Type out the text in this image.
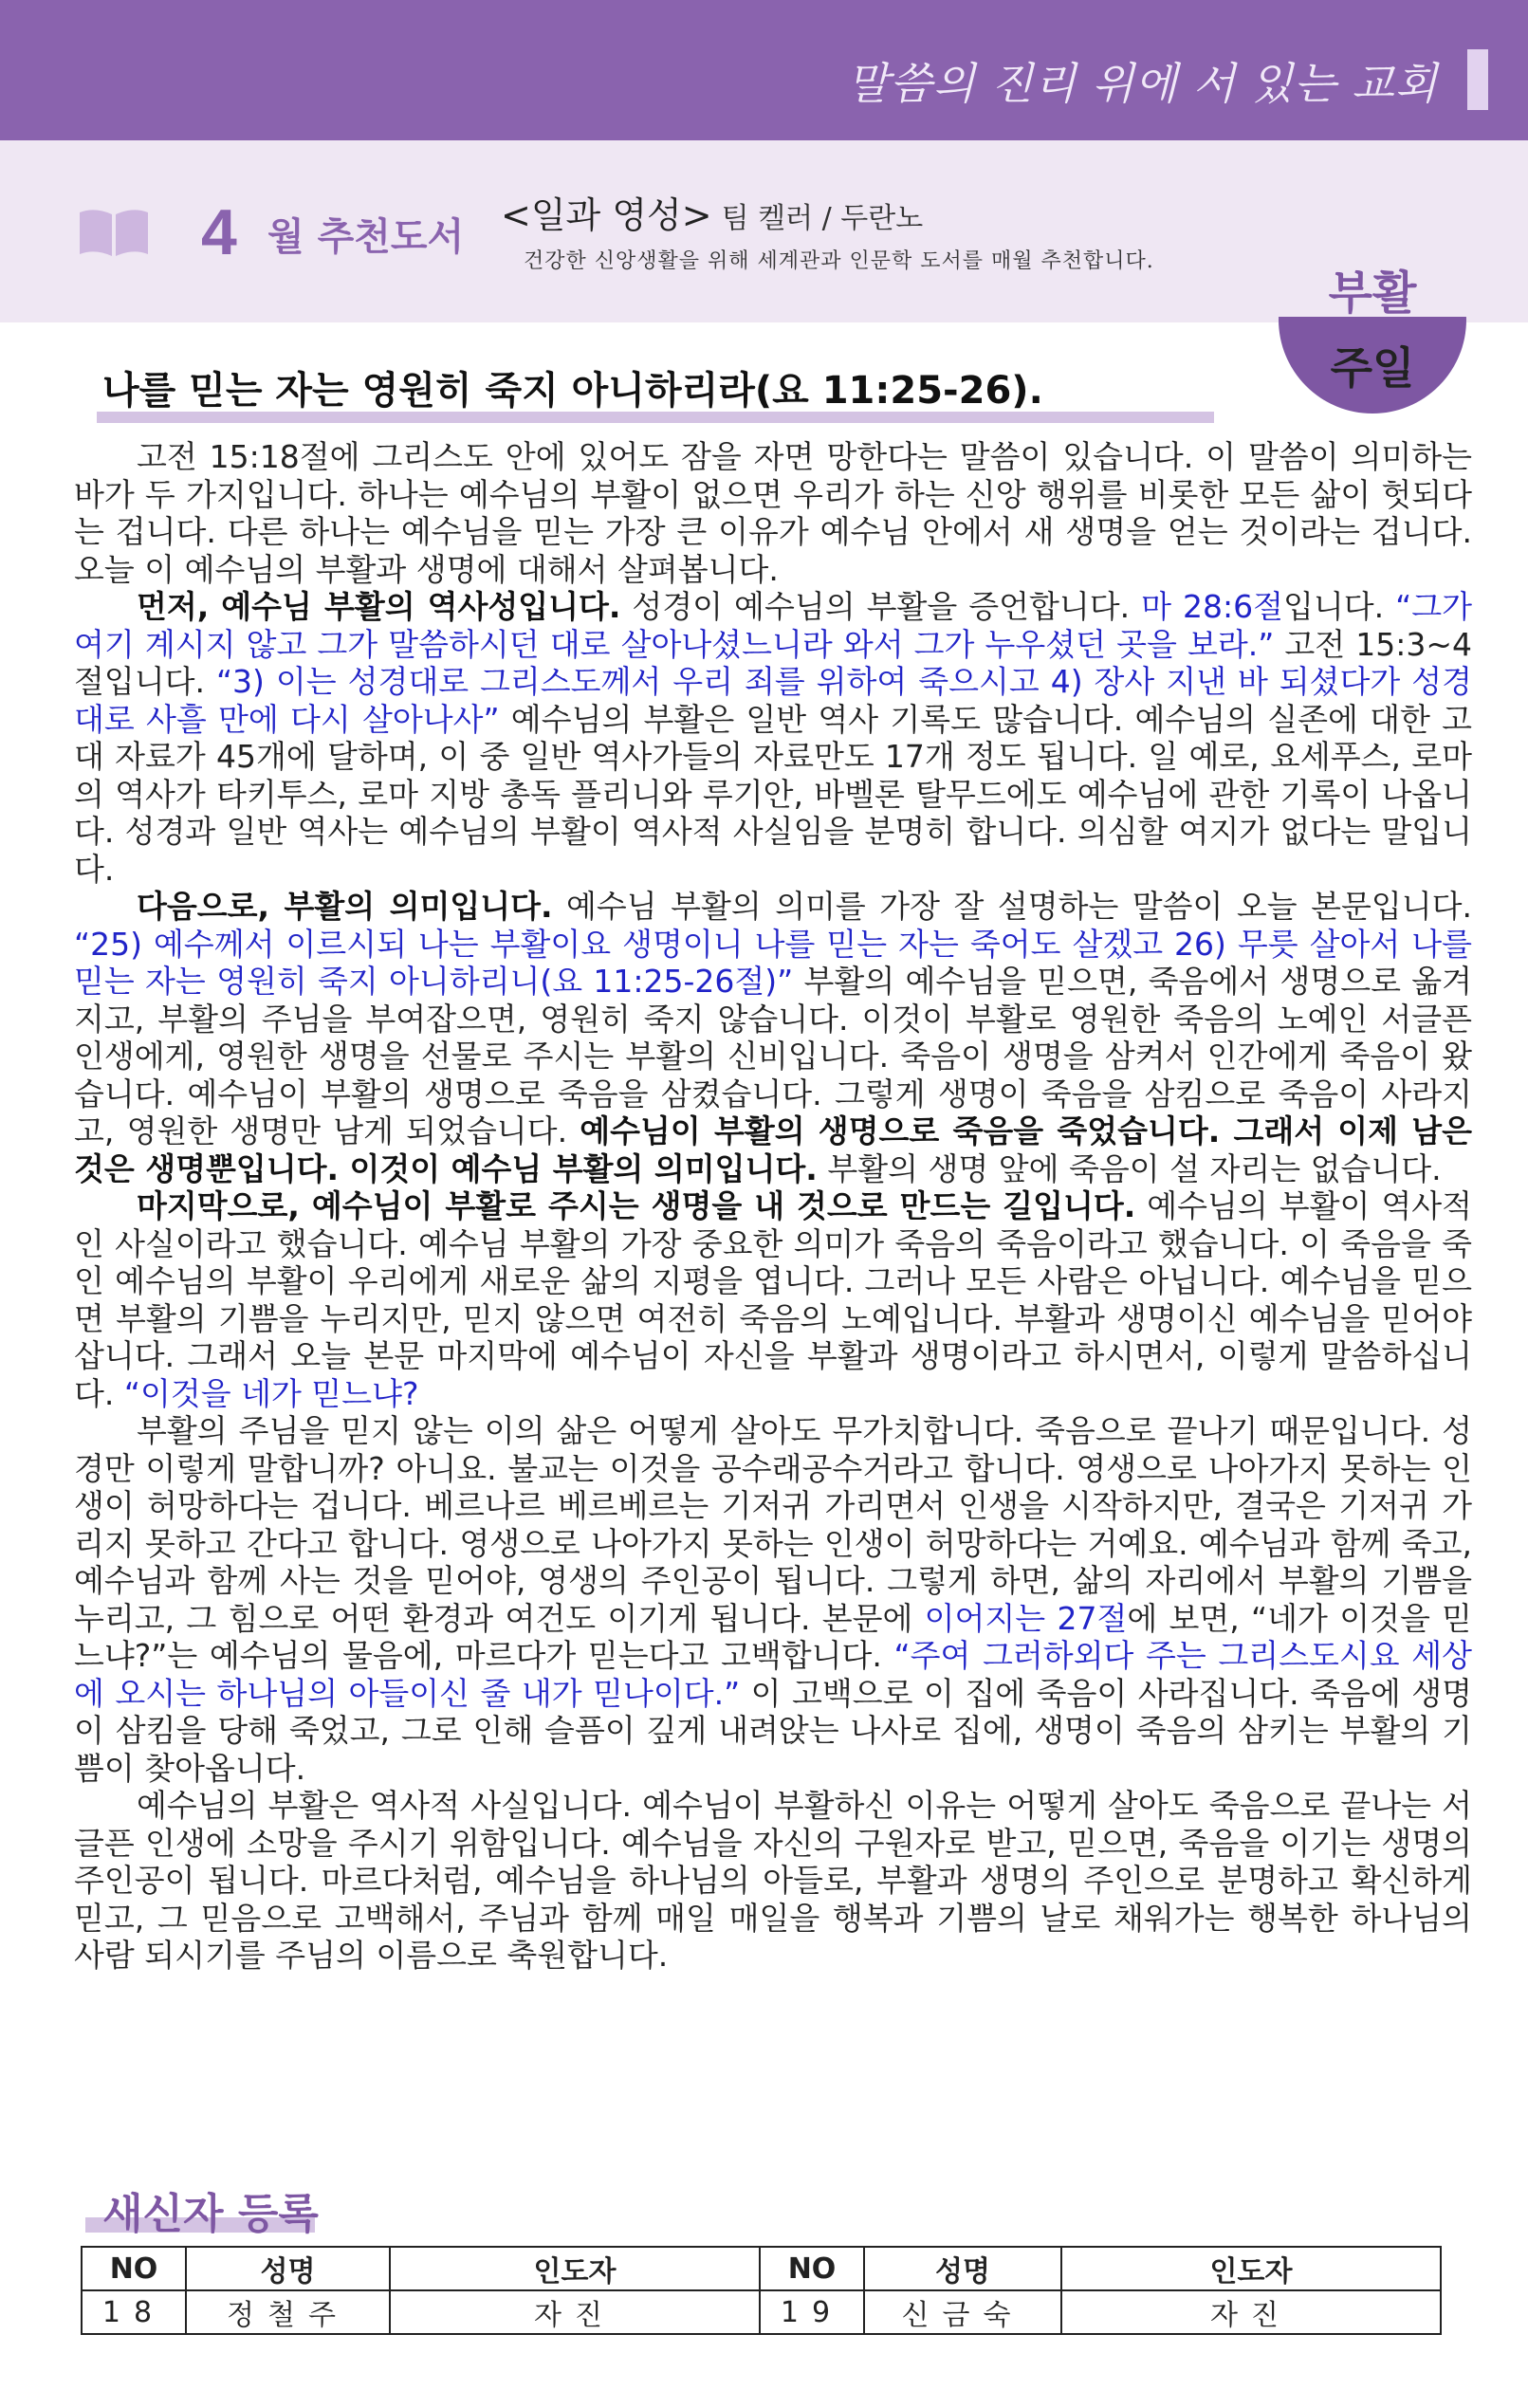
말씀의 진리 위에 서 있는 교회
4 월 추천도서 <일과 영성> 팀 켈러 / 두란노
건강한 신앙생활을 위해 세계관과 인문학 도서를 매월 추천합니다.
부활
주일
나를 믿는 자는 영원히 죽지 아니하리라(요 11:25-26).

고전 15:18절에 그리스도 안에 있어도 잠을 자면 망한다는 말씀이 있습니다. 이 말씀이 의미하는 바가 두 가지입니다. 하나는 예수님의 부활이 없으면 우리가 하는 신앙 행위를 비롯한 모든 삶이 헛되다는 겁니다. 다른 하나는 예수님을 믿는 가장 큰 이유가 예수님 안에서 새 생명을 얻는 것이라는 겁니다. 오늘 이 예수님의 부활과 생명에 대해서 살펴봅니다.

먼저, 예수님 부활의 역사성입니다. 성경이 예수님의 부활을 증언합니다. 마 28:6절입니다. “그가 여기 계시지 않고 그가 말씀하시던 대로 살아나셨느니라 와서 그가 누우셨던 곳을 보라.” 고전 15:3~4절입니다. “3) 이는 성경대로 그리스도께서 우리 죄를 위하여 죽으시고 4) 장사 지낸 바 되셨다가 성경대로 사흘 만에 다시 살아나사” 예수님의 부활은 일반 역사 기록도 많습니다. 예수님의 실존에 대한 고대 자료가 45개에 달하며, 이 중 일반 역사가들의 자료만도 17개 정도 됩니다. 일 예로, 요세푸스, 로마의 역사가 타키투스, 로마 지방 총독 플리니와 루기안, 바벨론 탈무드에도 예수님에 관한 기록이 나옵니다. 성경과 일반 역사는 예수님의 부활이 역사적 사실임을 분명히 합니다. 의심할 여지가 없다는 말입니다.

다음으로, 부활의 의미입니다. 예수님 부활의 의미를 가장 잘 설명하는 말씀이 오늘 본문입니다. “25) 예수께서 이르시되 나는 부활이요 생명이니 나를 믿는 자는 죽어도 살겠고 26) 무릇 살아서 나를 믿는 자는 영원히 죽지 아니하리니(요 11:25-26절)” 부활의 예수님을 믿으면, 죽음에서 생명으로 옮겨지고, 부활의 주님을 부여잡으면, 영원히 죽지 않습니다. 이것이 부활로 영원한 죽음의 노예인 서글픈 인생에게, 영원한 생명을 선물로 주시는 부활의 신비입니다. 죽음이 생명을 삼켜서 인간에게 죽음이 왔습니다. 예수님이 부활의 생명으로 죽음을 삼켰습니다. 그렇게 생명이 죽음을 삼킴으로 죽음이 사라지고, 영원한 생명만 남게 되었습니다. 예수님이 부활의 생명으로 죽음을 죽었습니다. 그래서 이제 남은 것은 생명뿐입니다. 이것이 예수님 부활의 의미입니다. 부활의 생명 앞에 죽음이 설 자리는 없습니다.

마지막으로, 예수님이 부활로 주시는 생명을 내 것으로 만드는 길입니다. 예수님의 부활이 역사적인 사실이라고 했습니다. 예수님 부활의 가장 중요한 의미가 죽음의 죽음이라고 했습니다. 이 죽음을 죽인 예수님의 부활이 우리에게 새로운 삶의 지평을 엽니다. 그러나 모든 사람은 아닙니다. 예수님을 믿으면 부활의 기쁨을 누리지만, 믿지 않으면 여전히 죽음의 노예입니다. 부활과 생명이신 예수님을 믿어야 삽니다. 그래서 오늘 본문 마지막에 예수님이 자신을 부활과 생명이라고 하시면서, 이렇게 말씀하십니다. “이것을 네가 믿느냐?

부활의 주님을 믿지 않는 이의 삶은 어떻게 살아도 무가치합니다. 죽음으로 끝나기 때문입니다. 성경만 이렇게 말합니까? 아니요. 불교는 이것을 공수래공수거라고 합니다. 영생으로 나아가지 못하는 인생이 허망하다는 겁니다. 베르나르 베르베르는 기저귀 가리면서 인생을 시작하지만, 결국은 기저귀 가리지 못하고 간다고 합니다. 영생으로 나아가지 못하는 인생이 허망하다는 거예요. 예수님과 함께 죽고, 예수님과 함께 사는 것을 믿어야, 영생의 주인공이 됩니다. 그렇게 하면, 삶의 자리에서 부활의 기쁨을 누리고, 그 힘으로 어떤 환경과 여건도 이기게 됩니다. 본문에 이어지는 27절에 보면, “네가 이것을 믿느냐?”는 예수님의 물음에, 마르다가 믿는다고 고백합니다. “주여 그러하외다 주는 그리스도시요 세상에 오시는 하나님의 아들이신 줄 내가 믿나이다.” 이 고백으로 이 집에 죽음이 사라집니다. 죽음에 생명이 삼킴을 당해 죽었고, 그로 인해 슬픔이 깊게 내려앉는 나사로 집에, 생명이 죽음의 삼키는 부활의 기쁨이 찾아옵니다.

예수님의 부활은 역사적 사실입니다. 예수님이 부활하신 이유는 어떻게 살아도 죽음으로 끝나는 서글픈 인생에 소망을 주시기 위함입니다. 예수님을 자신의 구원자로 받고, 믿으면, 죽음을 이기는 생명의 주인공이 됩니다. 마르다처럼, 예수님을 하나님의 아들로, 부활과 생명의 주인으로 분명하고 확신하게 믿고, 그 믿음으로 고백해서, 주님과 함께 매일 매일을 행복과 기쁨의 날로 채워가는 행복한 하나님의 사람 되시기를 주님의 이름으로 축원합니다.

새신자 등록
NO	성명	인도자	NO	성명	인도자
18	정철주	자진	19	신금숙	자진
